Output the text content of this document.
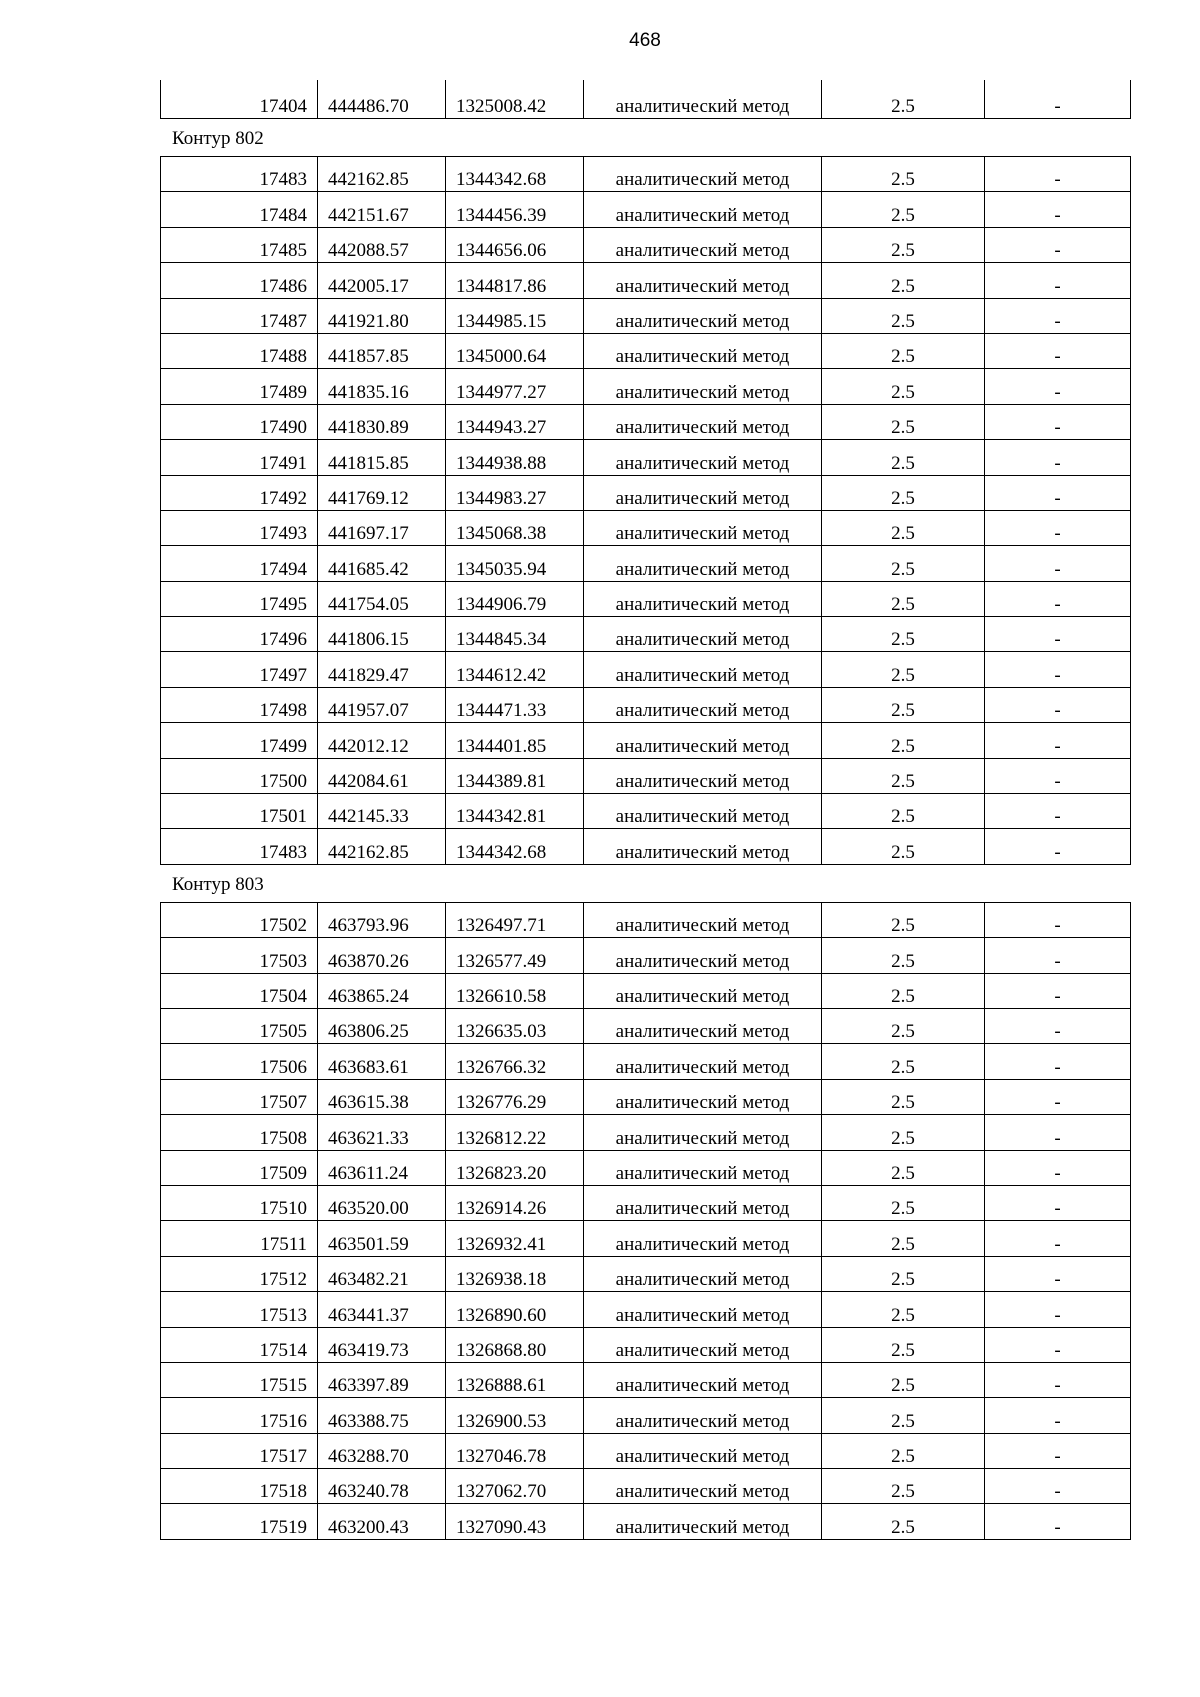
468
17404	444486.70	1325008.42	аналитический метод	2.5	-
Контур 802
17483	442162.85	1344342.68	аналитический метод	2.5	-
17484	442151.67	1344456.39	аналитический метод	2.5	-
17485	442088.57	1344656.06	аналитический метод	2.5	-
17486	442005.17	1344817.86	аналитический метод	2.5	-
17487	441921.80	1344985.15	аналитический метод	2.5	-
17488	441857.85	1345000.64	аналитический метод	2.5	-
17489	441835.16	1344977.27	аналитический метод	2.5	-
17490	441830.89	1344943.27	аналитический метод	2.5	-
17491	441815.85	1344938.88	аналитический метод	2.5	-
17492	441769.12	1344983.27	аналитический метод	2.5	-
17493	441697.17	1345068.38	аналитический метод	2.5	-
17494	441685.42	1345035.94	аналитический метод	2.5	-
17495	441754.05	1344906.79	аналитический метод	2.5	-
17496	441806.15	1344845.34	аналитический метод	2.5	-
17497	441829.47	1344612.42	аналитический метод	2.5	-
17498	441957.07	1344471.33	аналитический метод	2.5	-
17499	442012.12	1344401.85	аналитический метод	2.5	-
17500	442084.61	1344389.81	аналитический метод	2.5	-
17501	442145.33	1344342.81	аналитический метод	2.5	-
17483	442162.85	1344342.68	аналитический метод	2.5	-
Контур 803
17502	463793.96	1326497.71	аналитический метод	2.5	-
17503	463870.26	1326577.49	аналитический метод	2.5	-
17504	463865.24	1326610.58	аналитический метод	2.5	-
17505	463806.25	1326635.03	аналитический метод	2.5	-
17506	463683.61	1326766.32	аналитический метод	2.5	-
17507	463615.38	1326776.29	аналитический метод	2.5	-
17508	463621.33	1326812.22	аналитический метод	2.5	-
17509	463611.24	1326823.20	аналитический метод	2.5	-
17510	463520.00	1326914.26	аналитический метод	2.5	-
17511	463501.59	1326932.41	аналитический метод	2.5	-
17512	463482.21	1326938.18	аналитический метод	2.5	-
17513	463441.37	1326890.60	аналитический метод	2.5	-
17514	463419.73	1326868.80	аналитический метод	2.5	-
17515	463397.89	1326888.61	аналитический метод	2.5	-
17516	463388.75	1326900.53	аналитический метод	2.5	-
17517	463288.70	1327046.78	аналитический метод	2.5	-
17518	463240.78	1327062.70	аналитический метод	2.5	-
17519	463200.43	1327090.43	аналитический метод	2.5	-
